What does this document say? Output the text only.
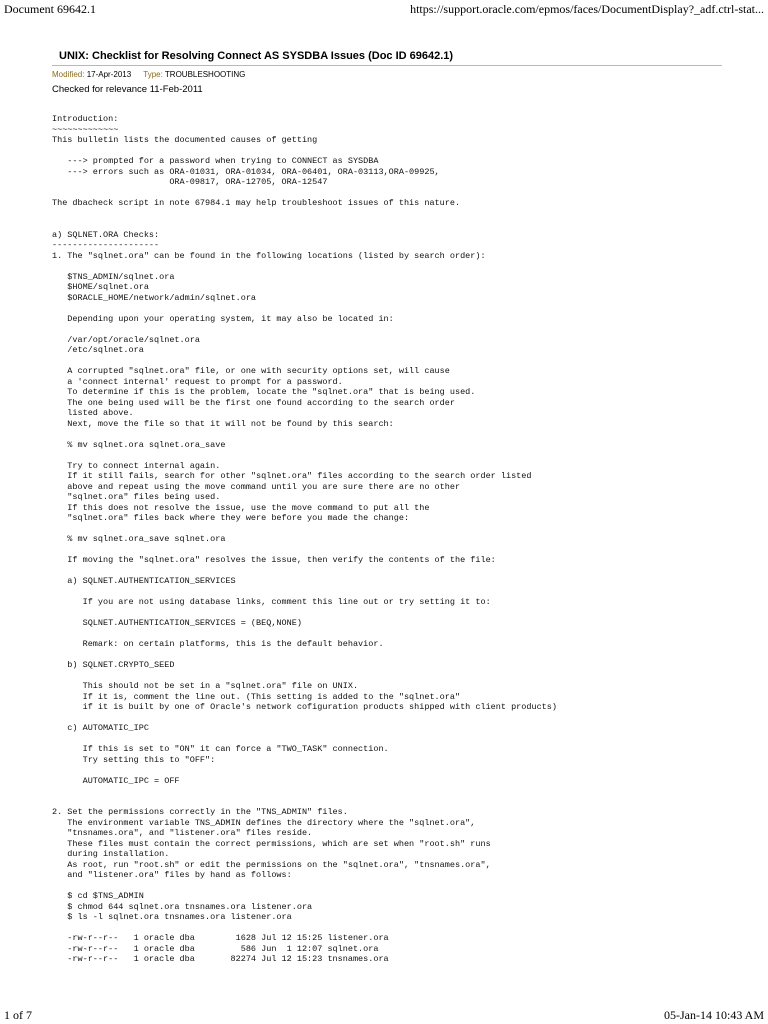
Document 69642.1	https://support.oracle.com/epmos/faces/DocumentDisplay?_adf.ctrl-stat...
UNIX: Checklist for Resolving Connect AS SYSDBA Issues (Doc ID 69642.1)
Modified: 17-Apr-2013 Type: TROUBLESHOOTING
Checked for relevance 11-Feb-2011
Introduction:
~~~~~~~~~~~~~
This bulletin lists the documented causes of getting

---> prompted for a password when trying to CONNECT as SYSDBA
---> errors such as ORA-01031, ORA-01034, ORA-06401, ORA-03113,ORA-09925,
ORA-09817, ORA-12705, ORA-12547

The dbacheck script in note 67984.1 may help troubleshoot issues of this nature.

a) SQLNET.ORA Checks:
---------------------
1. The "sqlnet.ora" can be found in the following locations (listed by search order):

$TNS_ADMIN/sqlnet.ora
$HOME/sqlnet.ora
$ORACLE_HOME/network/admin/sqlnet.ora

Depending upon your operating system, it may also be located in:

/var/opt/oracle/sqlnet.ora
/etc/sqlnet.ora

A corrupted "sqlnet.ora" file, or one with security options set, will cause
a 'connect internal' request to prompt for a password.
To determine if this is the problem, locate the "sqlnet.ora" that is being used.
The one being used will be the first one found according to the search order
listed above.
Next, move the file so that it will not be found by this search:

% mv sqlnet.ora sqlnet.ora_save

Try to connect internal again.
If it still fails, search for other "sqlnet.ora" files according to the search order listed
above and repeat using the move command until you are sure there are no other
"sqlnet.ora" files being used.
If this does not resolve the issue, use the move command to put all the
"sqlnet.ora" files back where they were before you made the change:

% mv sqlnet.ora_save sqlnet.ora

If moving the "sqlnet.ora" resolves the issue, then verify the contents of the file:

a) SQLNET.AUTHENTICATION_SERVICES

If you are not using database links, comment this line out or try setting it to:

SQLNET.AUTHENTICATION_SERVICES = (BEQ,NONE)

Remark: on certain platforms, this is the default behavior.

b) SQLNET.CRYPTO_SEED

This should not be set in a "sqlnet.ora" file on UNIX.
If it is, comment the line out. (This setting is added to the "sqlnet.ora"
if it is built by one of Oracle's network cofiguration products shipped with client products)

c) AUTOMATIC_IPC

If this is set to "ON" it can force a "TWO_TASK" connection.
Try setting this to "OFF":

AUTOMATIC_IPC = OFF

2. Set the permissions correctly in the "TNS_ADMIN" files.
The environment variable TNS_ADMIN defines the directory where the "sqlnet.ora",
"tnsnames.ora", and "listener.ora" files reside.
These files must contain the correct permissions, which are set when "root.sh" runs
during installation.
As root, run "root.sh" or edit the permissions on the "sqlnet.ora", "tnsnames.ora",
and "listener.ora" files by hand as follows:

$ cd $TNS_ADMIN
$ chmod 644 sqlnet.ora tnsnames.ora listener.ora
$ ls -l sqlnet.ora tnsnames.ora listener.ora

-rw-r--r--   1 oracle dba        1628 Jul 12 15:25 listener.ora
-rw-r--r--   1 oracle dba         586 Jun  1 12:07 sqlnet.ora
-rw-r--r--   1 oracle dba       82274 Jul 12 15:23 tnsnames.ora

1 of 7	05-Jan-14 10:43 AM
